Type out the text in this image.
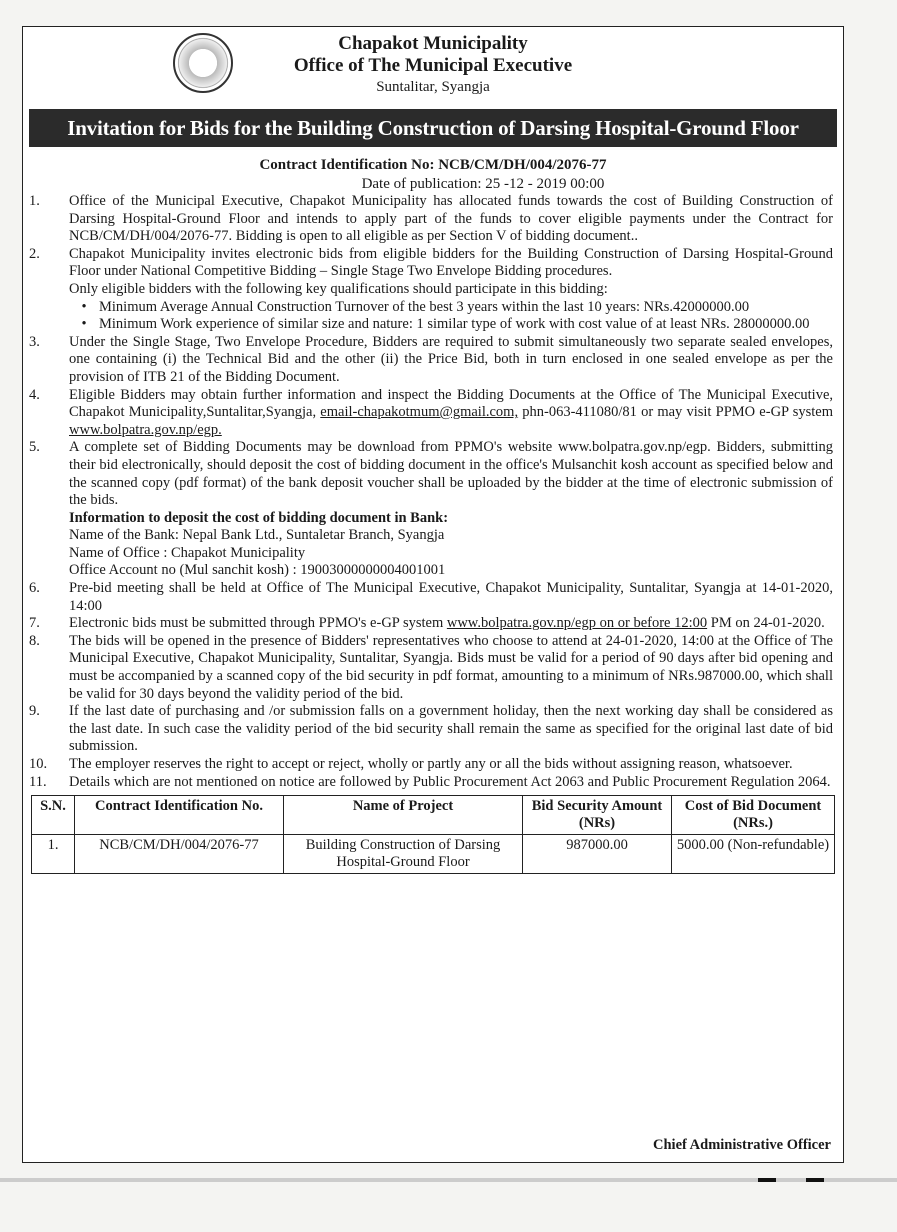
Chapakot Municipality
Office of The Municipal Executive
Suntalitar, Syangja
Invitation for Bids for the Building Construction of Darsing Hospital-Ground Floor
Contract Identification No: NCB/CM/DH/004/2076-77
Date of publication: 25 -12 - 2019 00:00
1.	Office of the Municipal Executive, Chapakot Municipality has allocated funds towards the cost of Building Construction of Darsing Hospital-Ground Floor and intends to apply part of the funds to cover eligible payments under the Contract for NCB/CM/DH/004/2076-77. Bidding is open to all eligible as per Section V of bidding document..
2.	Chapakot Municipality invites electronic bids from eligible bidders for the Building Construction of Darsing Hospital-Ground Floor under National Competitive Bidding – Single Stage Two Envelope Bidding procedures.
Only eligible bidders with the following key qualifications should participate in this bidding:
• Minimum Average Annual Construction Turnover of the best 3 years within the last 10 years: NRs.42000000.00
• Minimum Work experience of similar size and nature: 1 similar type of work with cost value of at least NRs. 28000000.00
3.	Under the Single Stage, Two Envelope Procedure, Bidders are required to submit simultaneously two separate sealed envelopes, one containing (i) the Technical Bid and the other (ii) the Price Bid, both in turn enclosed in one sealed envelope as per the provision of ITB 21 of the Bidding Document.
4.	Eligible Bidders may obtain further information and inspect the Bidding Documents at the Office of The Municipal Executive, Chapakot Municipality,Suntalitar,Syangja, email-chapakotmum@gmail.com, phn-063-411080/81 or may visit PPMO e-GP system www.bolpatra.gov.np/egp.
5.	A complete set of Bidding Documents may be download from PPMO's website www.bolpatra.gov.np/egp. Bidders, submitting their bid electronically, should deposit the cost of bidding document in the office's Mulsanchit kosh account as specified below and the scanned copy (pdf format) of the bank deposit voucher shall be uploaded by the bidder at the time of electronic submission of the bids.
Information to deposit the cost of bidding document in Bank:
Name of the Bank: Nepal Bank Ltd., Suntaletar Branch, Syangja
Name of Office : Chapakot Municipality
Office Account no (Mul sanchit kosh) : 19003000000004001001
6.	Pre-bid meeting shall be held at Office of The Municipal Executive, Chapakot Municipality, Suntalitar, Syangja at 14-01-2020, 14:00
7.	Electronic bids must be submitted through PPMO's e-GP system www.bolpatra.gov.np/egp on or before 12:00 PM on 24-01-2020.
8.	The bids will be opened in the presence of Bidders' representatives who choose to attend at 24-01-2020, 14:00 at the Office of The Municipal Executive, Chapakot Municipality, Suntalitar, Syangja. Bids must be valid for a period of 90 days after bid opening and must be accompanied by a scanned copy of the bid security in pdf format, amounting to a minimum of NRs.987000.00, which shall be valid for 30 days beyond the validity period of the bid.
9.	If the last date of purchasing and /or submission falls on a government holiday, then the next working day shall be considered as the last date. In such case the validity period of the bid security shall remain the same as specified for the original last date of bid submission.
10.	The employer reserves the right to accept or reject, wholly or partly any or all the bids without assigning reason, whatsoever.
11.	Details which are not mentioned on notice are followed by Public Procurement Act 2063 and Public Procurement Regulation 2064.
S.N.	Contract Identification No.	Name of Project	Bid Security Amount (NRs)	Cost of Bid Document (NRs.)
1.	NCB/CM/DH/004/2076-77	Building Construction of Darsing Hospital-Ground Floor	987000.00	5000.00 (Non-refundable)
Chief Administrative Officer
